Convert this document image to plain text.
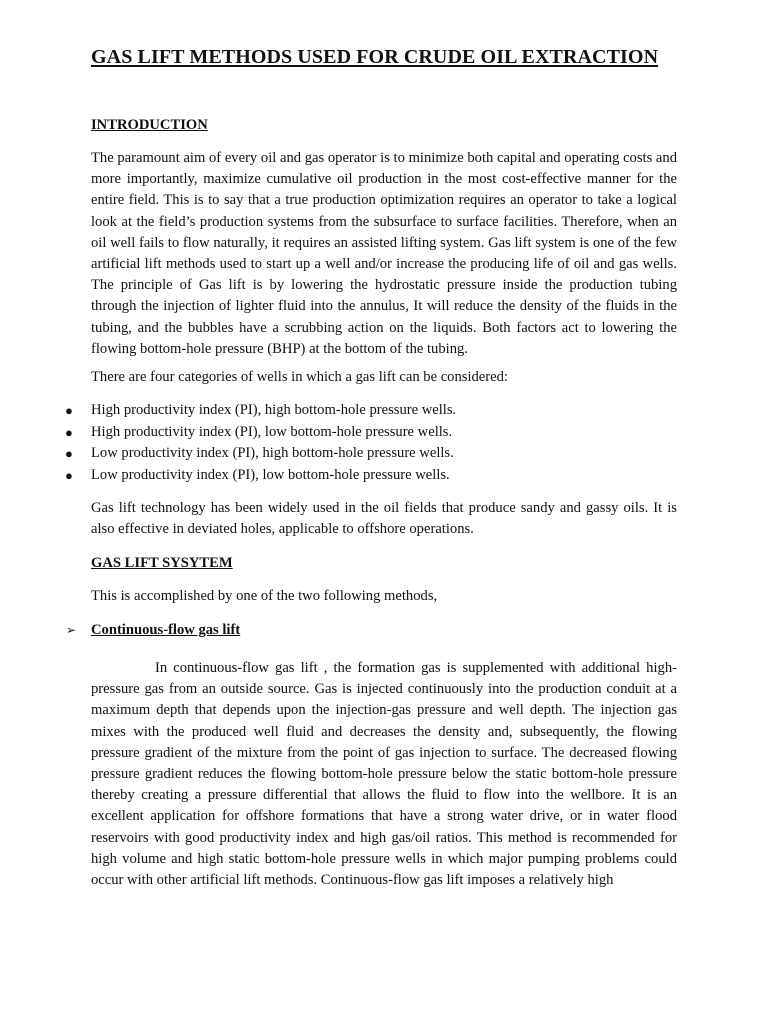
GAS LIFT METHODS USED FOR CRUDE OIL EXTRACTION
INTRODUCTION

The paramount aim of every oil and gas operator is to minimize both capital and operating costs and more importantly, maximize cumulative oil production in the most cost-effective manner for the entire field. This is to say that a true production optimization requires an operator to take a logical look at the field’s production systems from the subsurface to surface facilities. Therefore, when an oil well fails to flow naturally, it requires an assisted lifting system. Gas lift system is one of the few artificial lift methods used to start up a well and/or increase the producing life of oil and gas wells. The principle of Gas lift is by lowering the hydrostatic pressure inside the production tubing through the injection of lighter fluid into the annulus, It will reduce the density of the fluids in the tubing, and the bubbles have a scrubbing action on the liquids. Both factors act to lowering the flowing bottom-hole pressure (BHP) at the bottom of the tubing.

There are four categories of wells in which a gas lift can be considered:

● High productivity index (PI), high bottom-hole pressure wells.
● High productivity index (PI), low bottom-hole pressure wells.
● Low productivity index (PI), high bottom-hole pressure wells.
● Low productivity index (PI), low bottom-hole pressure wells.

Gas lift technology has been widely used in the oil fields that produce sandy and gassy oils. It is also effective in deviated holes, applicable to offshore operations.

GAS LIFT SYSYTEM

This is accomplished by one of the two following methods,

➢ Continuous-flow gas lift

In continuous-flow gas lift , the formation gas is supplemented with additional high-pressure gas from an outside source. Gas is injected continuously into the production conduit at a maximum depth that depends upon the injection-gas pressure and well depth. The injection gas mixes with the produced well fluid and decreases the density and, subsequently, the flowing pressure gradient of the mixture from the point of gas injection to surface. The decreased flowing pressure gradient reduces the flowing bottom-hole pressure below the static bottom-hole pressure thereby creating a pressure differential that allows the fluid to flow into the wellbore. It is an excellent application for offshore formations that have a strong water drive, or in water flood reservoirs with good productivity index and high gas/oil ratios. This method is recommended for high volume and high static bottom-hole pressure wells in which major pumping problems could occur with other artificial lift methods. Continuous-flow gas lift imposes a relatively high
